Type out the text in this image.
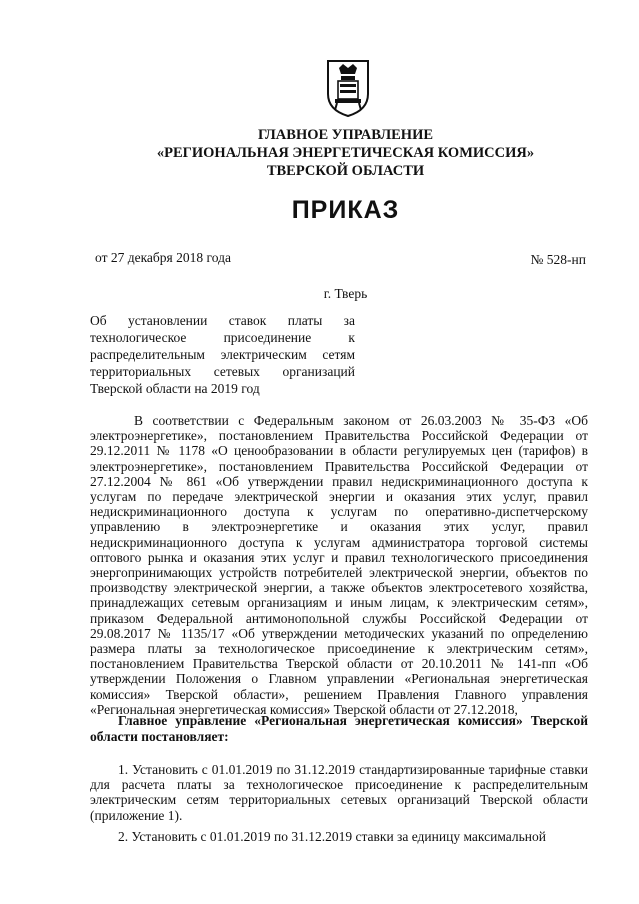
ГЛАВНОЕ УПРАВЛЕНИЕ
«РЕГИОНАЛЬНАЯ ЭНЕРГЕТИЧЕСКАЯ КОМИССИЯ»
ТВЕРСКОЙ ОБЛАСТИ
ПРИКАЗ
от 27 декабря 2018 года	№ 528-нп
г. Тверь
Об установлении ставок платы за
технологическое присоединение к
распределительным электрическим сетям
территориальных сетевых организаций
Тверской области на 2019 год

В соответствии с Федеральным законом от 26.03.2003 № 35-ФЗ «Об электроэнергетике», постановлением Правительства Российской Федерации от 29.12.2011 № 1178 «О ценообразовании в области регулируемых цен (тарифов) в электроэнергетике», постановлением Правительства Российской Федерации от 27.12.2004 № 861 «Об утверждении правил недискриминационного доступа к услугам по передаче электрической энергии и оказания этих услуг, правил недискриминационного доступа к услугам по оперативно-диспетчерскому управлению в электроэнергетике и оказания этих услуг, правил недискриминационного доступа к услугам администратора торговой системы оптового рынка и оказания этих услуг и правил технологического присоединения энергопринимающих устройств потребителей электрической энергии, объектов по производству электрической энергии, а также объектов электросетевого хозяйства, принадлежащих сетевым организациям и иным лицам, к электрическим сетям», приказом Федеральной антимонопольной службы Российской Федерации от 29.08.2017 № 1135/17 «Об утверждении методических указаний по определению размера платы за технологическое присоединение к электрическим сетям», постановлением Правительства Тверской области от 20.10.2011 № 141-пп «Об утверждении Положения о Главном управлении «Региональная энергетическая комиссия» Тверской области», решением Правления Главного управления «Региональная энергетическая комиссия» Тверской области от 27.12.2018,

Главное управление «Региональная энергетическая комиссия» Тверской области постановляет:

1. Установить с 01.01.2019 по 31.12.2019 стандартизированные тарифные ставки для расчета платы за технологическое присоединение к распределительным электрическим сетям территориальных сетевых организаций Тверской области (приложение 1).

2. Установить с 01.01.2019 по 31.12.2019 ставки за единицу максимальной
